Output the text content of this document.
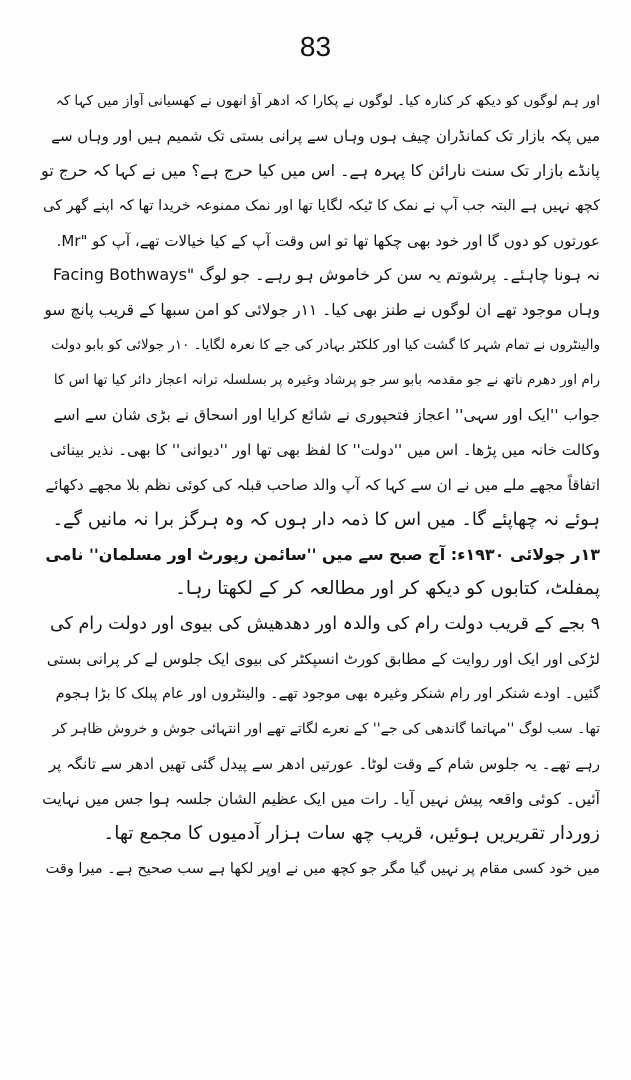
83
اور ہم لوگوں کو دیکھ کر کنارہ کیا۔ لوگوں نے پکارا کہ ادھر آؤ انھوں نے کھسیانی آواز میں کہا کہ
میں پکہ بازار تک کمانڈران چیف ہوں وہاں سے پرانی بستی تک شمیم ہیں اور وہاں سے
پانڈے بازار تک سنت نارائن کا پہرہ ہے۔ اس میں کیا حرج ہے؟ میں نے کہا کہ حرج تو
کچھ نہیں ہے البتہ جب آپ نے نمک کا ٹیکہ لگایا تھا اور نمک ممنوعہ خریدا تھا کہ اپنے گھر کی
عورتوں کو دوں گا اور خود بھی چکھا تھا تو اس وقت آپ کے کیا خیالات تھے، آپ کو "Mr.
Facing Bothways" نہ ہونا چاہئے۔ پرشوتم یہ سن کر خاموش ہو رہے۔ جو لوگ
وہاں موجود تھے ان لوگوں نے طنز بھی کیا۔ ۱۱ر جولائی کو امن سبھا کے قریب پانچ سو
والینٹروں نے تمام شہر کا گشت کیا اور کلکٹر بہادر کی جے کا نعرہ لگایا۔ ۱۰ر جولائی کو بابو دولت
رام اور دھرم ناتھ نے جو مقدمہ بابو سر جو پرشاد وغیرہ پر بسلسلہ ترانہ اعجاز دائر کیا تھا اس کا
جواب ''ایک اور سہی'' اعجاز فتحپوری نے شائع کرایا اور اسحاق نے بڑی شان سے اسے
وکالت خانہ میں پڑھا۔ اس میں ''دولت'' کا لفظ بھی تھا اور ''دیوانی'' کا بھی۔ نذیر بینائی
اتفاقاً مجھے ملے میں نے ان سے کہا کہ آپ والد صاحب قبلہ کی کوئی نظم بلا مجھے دکھائے
ہوئے نہ چھاپئے گا۔ میں اس کا ذمہ دار ہوں کہ وہ ہرگز برا نہ مانیں گے۔
۱۳ر جولائی ۱۹۳۰ء: آج صبح سے میں ''سائمن رپورٹ اور مسلمان'' نامی
پمفلٹ، کتابوں کو دیکھ کر اور مطالعہ کر کے لکھتا رہا۔
۹ بجے کے قریب دولت رام کی والدہ اور دھدھیش کی بیوی اور دولت رام کی
لڑکی اور ایک اور روایت کے مطابق کورٹ انسپکٹر کی بیوی ایک جلوس لے کر پرانی بستی
گئیں۔ اودے شنکر اور رام شنکر وغیرہ بھی موجود تھے۔ والینٹروں اور عام پبلک کا بڑا ہجوم
تھا۔ سب لوگ ''مہاتما گاندھی کی جے'' کے نعرے لگاتے تھے اور انتہائی جوش و خروش ظاہر کر
رہے تھے۔ یہ جلوس شام کے وقت لوٹا۔ عورتیں ادھر سے پیدل گئی تھیں ادھر سے تانگہ پر
آئیں۔ کوئی واقعہ پیش نہیں آیا۔ رات میں ایک عظیم الشان جلسہ ہوا جس میں نہایت
زوردار تقریریں ہوئیں، قریب چھ سات ہزار آدمیوں کا مجمع تھا۔
میں خود کسی مقام پر نہیں گیا مگر جو کچھ میں نے اوپر لکھا ہے سب صحیح ہے۔ میرا وقت
